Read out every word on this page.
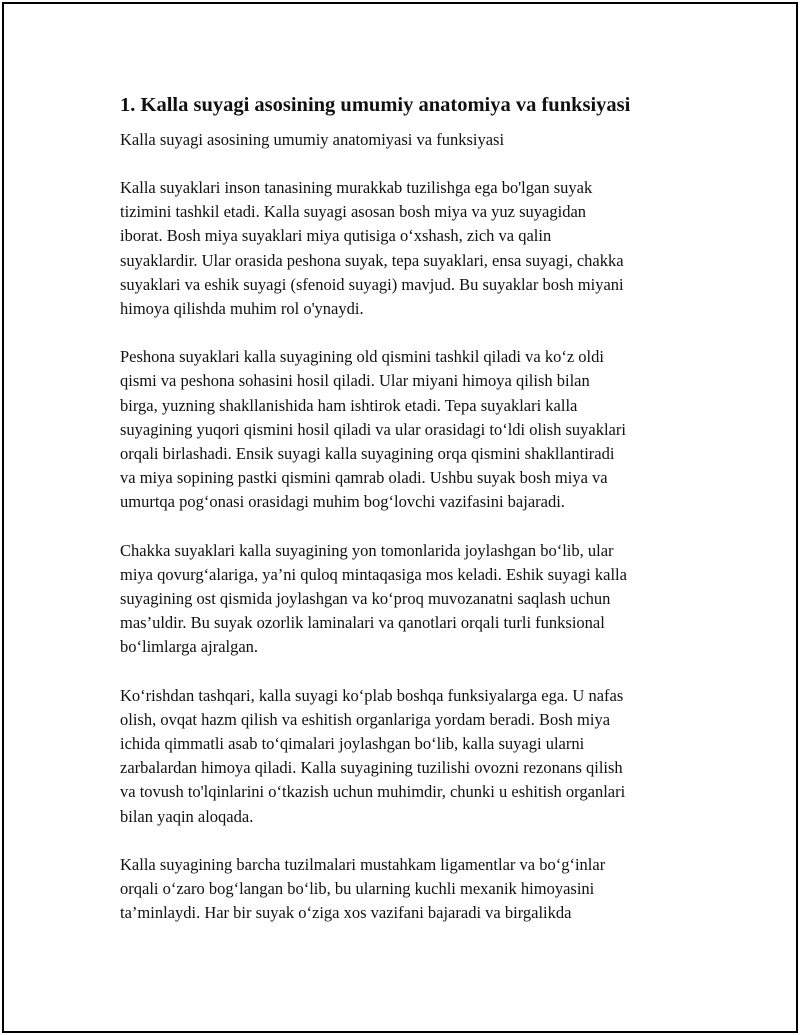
1. Kalla suyagi asosining umumiy anatomiya va funksiyasi
Kalla suyagi asosining umumiy anatomiyasi va funksiyasi
Kalla suyaklari inson tanasining murakkab tuzilishga ega bo'lgan suyak
tizimini tashkil etadi. Kalla suyagi asosan bosh miya va yuz suyagidan
iborat. Bosh miya suyaklari miya qutisiga o‘xshash, zich va qalin
suyaklardir. Ular orasida peshona suyak, tepa suyaklari, ensa suyagi, chakka
suyaklari va eshik suyagi (sfenoid suyagi) mavjud. Bu suyaklar bosh miyani
himoya qilishda muhim rol o'ynaydi.
Peshona suyaklari kalla suyagining old qismini tashkil qiladi va ko‘z oldi
qismi va peshona sohasini hosil qiladi. Ular miyani himoya qilish bilan
birga, yuzning shakllanishida ham ishtirok etadi. Tepa suyaklari kalla
suyagining yuqori qismini hosil qiladi va ular orasidagi to‘ldi olish suyaklari
orqali birlashadi. Ensik suyagi kalla suyagining orqa qismini shakllantiradi
va miya sopining pastki qismini qamrab oladi. Ushbu suyak bosh miya va
umurtqa pog‘onasi orasidagi muhim bog‘lovchi vazifasini bajaradi.
Chakka suyaklari kalla suyagining yon tomonlarida joylashgan bo‘lib, ular
miya qovurg‘alariga, ya’ni quloq mintaqasiga mos keladi. Eshik suyagi kalla
suyagining ost qismida joylashgan va ko‘proq muvozanatni saqlash uchun
mas’uldir. Bu suyak ozorlik laminalari va qanotlari orqali turli funksional
bo‘limlarga ajralgan.
Ko‘rishdan tashqari, kalla suyagi ko‘plab boshqa funksiyalarga ega. U nafas
olish, ovqat hazm qilish va eshitish organlariga yordam beradi. Bosh miya
ichida qimmatli asab to‘qimalari joylashgan bo‘lib, kalla suyagi ularni
zarbalardan himoya qiladi. Kalla suyagining tuzilishi ovozni rezonans qilish
va tovush to'lqinlarini o‘tkazish uchun muhimdir, chunki u eshitish organlari
bilan yaqin aloqada.
Kalla suyagining barcha tuzilmalari mustahkam ligamentlar va bo‘g‘inlar
orqali o‘zaro bog‘langan bo‘lib, bu ularning kuchli mexanik himoyasini
ta’minlaydi. Har bir suyak o‘ziga xos vazifani bajaradi va birgalikda
